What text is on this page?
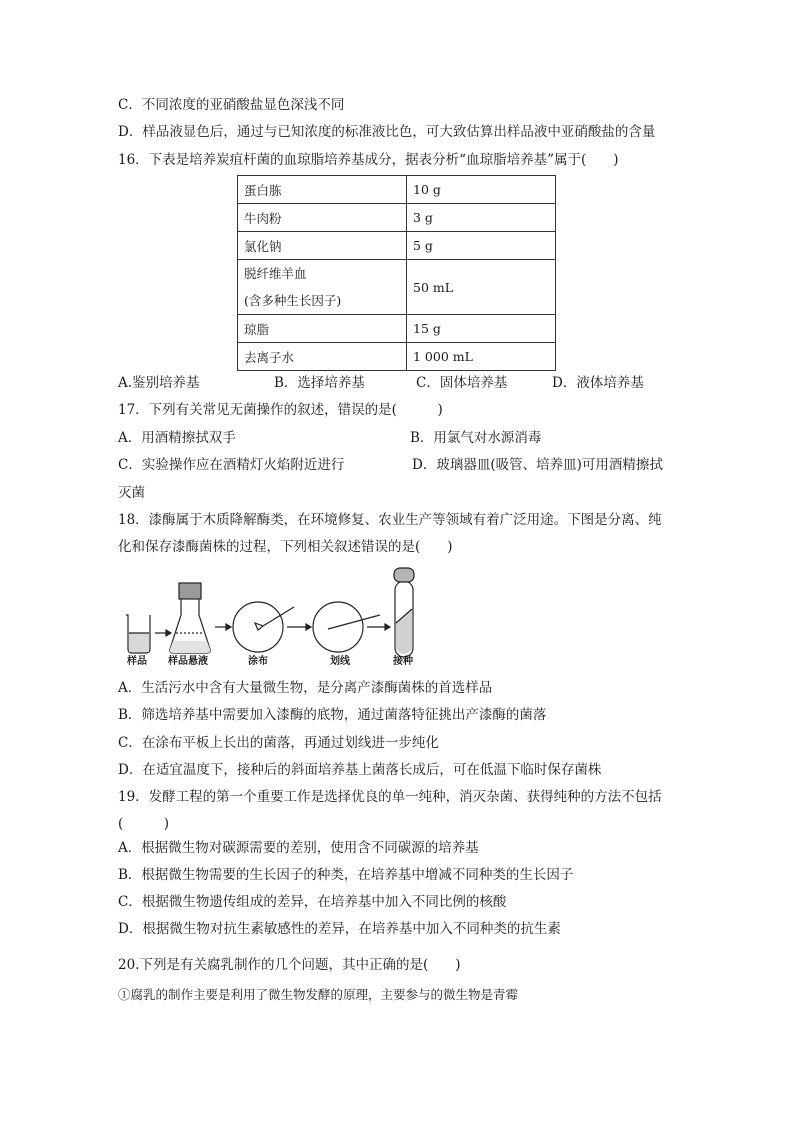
C．不同浓度的亚硝酸盐显色深浅不同
D．样品液显色后，通过与已知浓度的标准液比色，可大致估算出样品液中亚硝酸盐的含量
16．下表是培养炭疽杆菌的血琼脂培养基成分，据表分析“血琼脂培养基”属于(　　)
蛋白胨	10 g
牛肉粉	3 g
氯化钠	5 g

脱纤维羊血
(含多种生长因子)	50 mL
琼脂	15 g
去离子水	1 000 mL
A.鉴别培养基	B．选择培养基	C．固体培养基	D．液体培养基
17．下列有关常见无菌操作的叙述，错误的是(　　　)
A．用酒精擦拭双手	B．用氯气对水源消毒
C．实验操作应在酒精灯火焰附近进行	D．玻璃器皿(吸管、培养皿)可用酒精擦拭
灭菌
18．漆酶属于木质降解酶类，在环境修复、农业生产等领域有着广泛用途。下图是分离、纯
化和保存漆酶菌株的过程，下列相关叙述错误的是(　　)
样品 样品悬液	涂布	划线	接种
A．生活污水中含有大量微生物，是分离产漆酶菌株的首选样品
B．筛选培养基中需要加入漆酶的底物，通过菌落特征挑出产漆酶的菌落
C．在涂布平板上长出的菌落，再通过划线进一步纯化
D．在适宜温度下，接种后的斜面培养基上菌落长成后，可在低温下临时保存菌株
19．发酵工程的第一个重要工作是选择优良的单一纯种，消灭杂菌、获得纯种的方法不包括
(　　　)
A．根据微生物对碳源需要的差别，使用含不同碳源的培养基
B．根据微生物需要的生长因子的种类，在培养基中增减不同种类的生长因子
C．根据微生物遗传组成的差异，在培养基中加入不同比例的核酸
D．根据微生物对抗生素敏感性的差异，在培养基中加入不同种类的抗生素
20.下列是有关腐乳制作的几个问题，其中正确的是(　　)
①腐乳的制作主要是利用了微生物发酵的原理，主要参与的微生物是青霉
